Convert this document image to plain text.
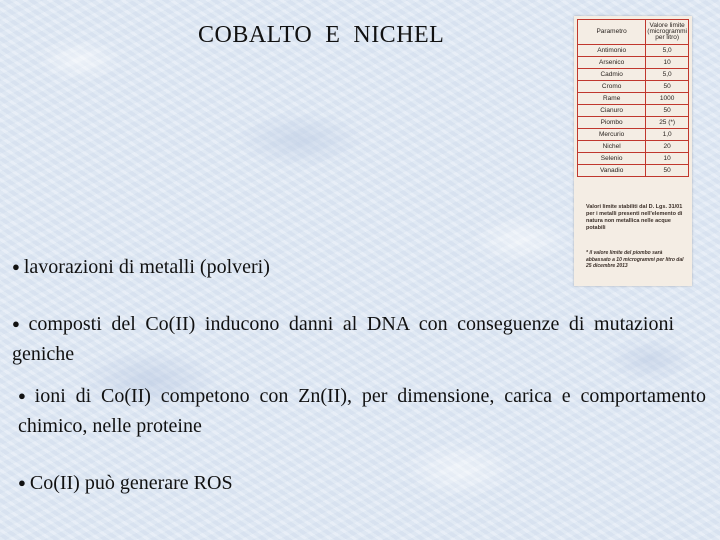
COBALTO  E  NICHEL

● lavorazioni di metalli (polveri)

● composti del Co(II) inducono danni al DNA con conseguenze di mutazioni geniche

● ioni di Co(II) competono con Zn(II), per dimensione, carica e comportamento chimico, nelle proteine

● Co(II) può generare ROS

Parametro	Valore limite (microgrammi per litro)
Antimonio	5,0
Arsenico	10
Cadmio	5,0
Cromo	50
Rame	1000
Cianuro	50
Piombo	25 (*)
Mercurio	1,0
Nichel	20
Selenio	10
Vanadio	50
Valori limite stabiliti dal D. Lgs. 31/01 per i metalli presenti nell'elemento di natura non metallica nelle acque potabili
* il valore limite del piombo sarà abbassato a 10 microgrammi per litro dal 25 dicembre 2013
